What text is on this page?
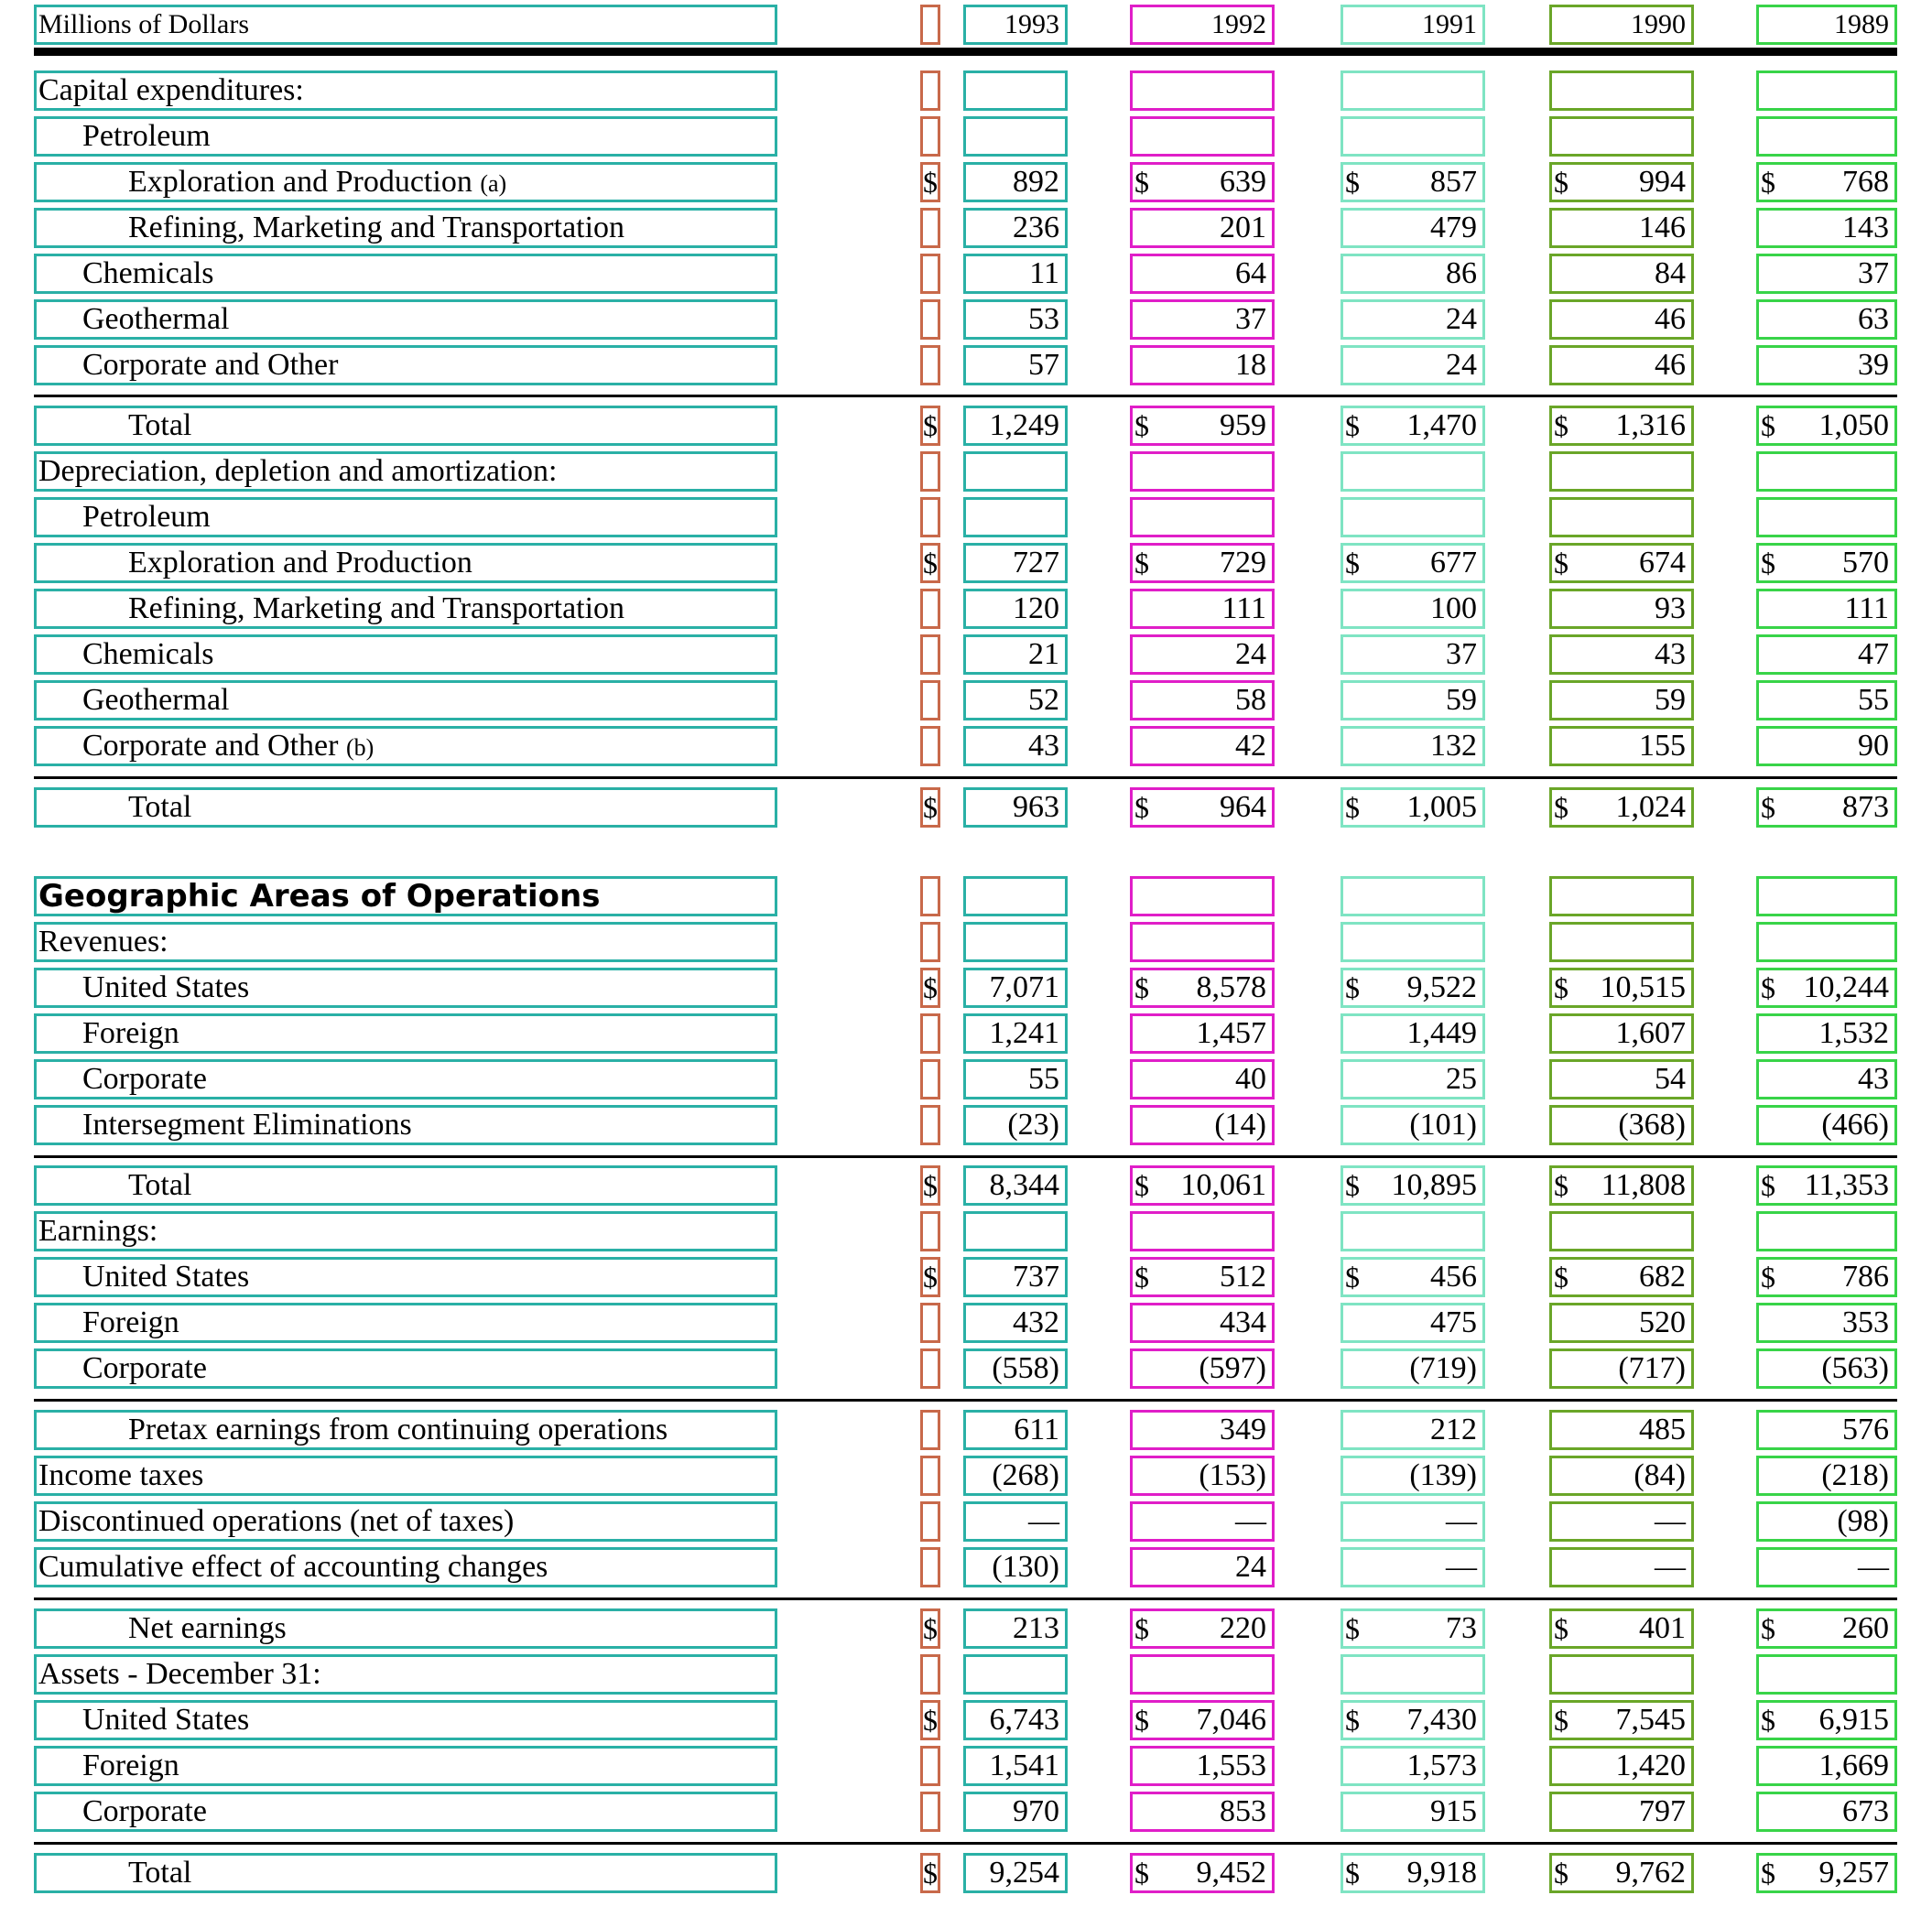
Millions of Dollars	1993	1992	1991	1990	1989
Capital expenditures:
Petroleum
Exploration and Production (a)	$	892	$ 639	$ 857	$ 994	$ 768
Refining, Marketing and Transportation	236	201	479	146	143
Chemicals	11	64	86	84	37
Geothermal	53	37	24	46	63
Corporate and Other	57	18	24	46	39
Total	$	1,249	$ 959	$ 1,470	$ 1,316	$ 1,050
Depreciation, depletion and amortization:
Petroleum
Exploration and Production	$	727	$ 729	$ 677	$ 674	$ 570
Refining, Marketing and Transportation	120	111	100	93	111
Chemicals	21	24	37	43	47
Geothermal	52	58	59	59	55
Corporate and Other (b)	43	42	132	155	90
Total	$	963	$ 964	$ 1,005	$ 1,024	$ 873
Geographic Areas of Operations
Revenues:
United States	$	7,071	$ 8,578	$ 9,522	$ 10,515	$ 10,244
Foreign	1,241	1,457	1,449	1,607	1,532
Corporate	55	40	25	54	43
Intersegment Eliminations	(23)	(14)	(101)	(368)	(466)
Total	$	8,344	$ 10,061	$ 10,895	$ 11,808	$ 11,353
Earnings:
United States	$	737	$ 512	$ 456	$ 682	$ 786
Foreign	432	434	475	520	353
Corporate	(558)	(597)	(719)	(717)	(563)
Pretax earnings from continuing operations	611	349	212	485	576
Income taxes	(268)	(153)	(139)	(84)	(218)
Discontinued operations (net of taxes)	—	—	—	—	(98)
Cumulative effect of accounting changes	(130)	24	—	—	—
Net earnings	$	213	$ 220	$	73	$ 401	$ 260
Assets - December 31:
United States	$	6,743	$ 7,046	$ 7,430	$ 7,545	$ 6,915
Foreign	1,541	1,553	1,573	1,420	1,669
Corporate	970	853	915	797	673
Total	$	9,254	$ 9,452	$ 9,918	$ 9,762	$ 9,257
